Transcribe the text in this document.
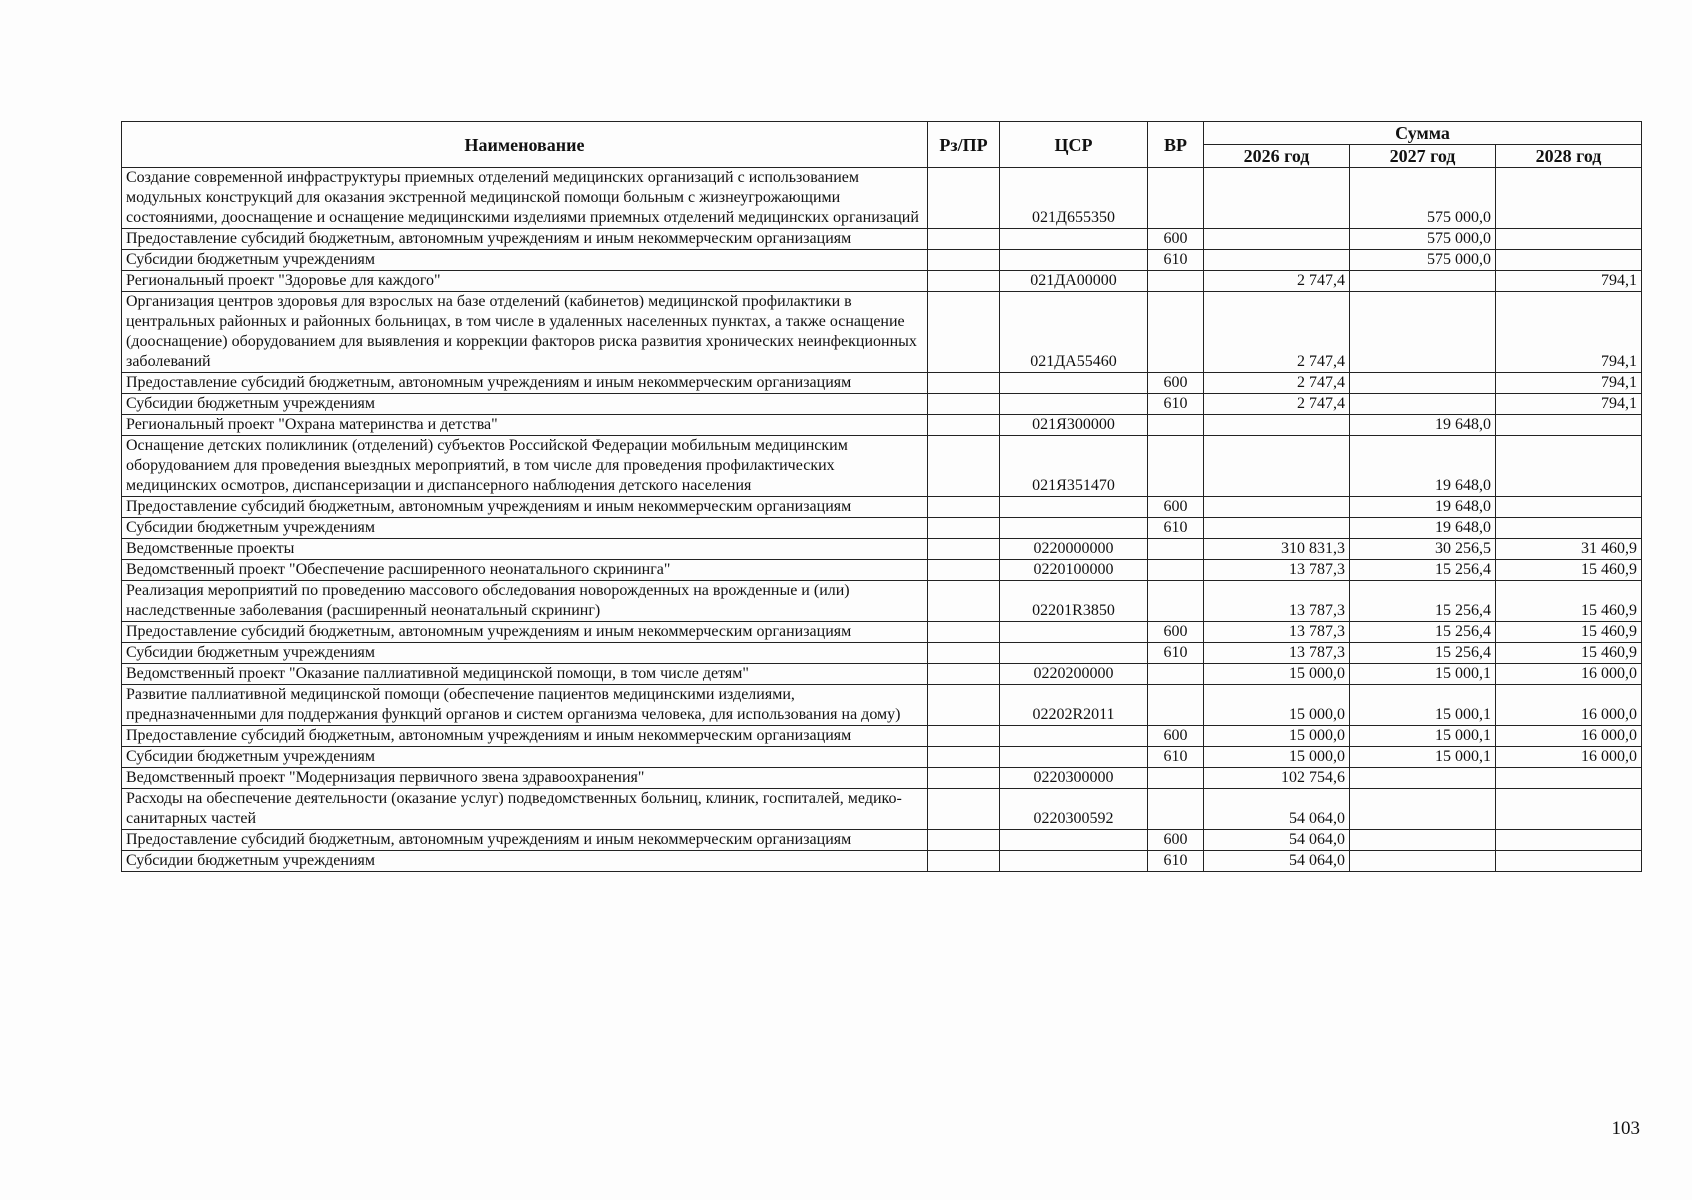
Наименование	Рз/ПР	ЦСР	ВР	Сумма		
				2026 год	2027 год	2028 год
Создание современной инфраструктуры приемных отделений медицинских организаций с использованием модульных конструкций для оказания экстренной медицинской помощи больным с жизнеугрожающими состояниями, дооснащение и оснащение медицинскими изделиями приемных отделений медицинских организаций		021Д655350			575 000,0	
Предоставление субсидий бюджетным, автономным учреждениям и иным некоммерческим организациям			600		575 000,0	
Субсидии бюджетным учреждениям			610		575 000,0	
Региональный проект "Здоровье для каждого"		021ДА00000		2 747,4		794,1
Организация центров здоровья для взрослых на базе отделений (кабинетов) медицинской профилактики в центральных районных и районных больницах, в том числе в удаленных населенных пунктах, а также оснащение (дооснащение) оборудованием для выявления и коррекции факторов риска развития хронических неинфекционных заболеваний		021ДА55460		2 747,4		794,1
Предоставление субсидий бюджетным, автономным учреждениям и иным некоммерческим организациям			600	2 747,4		794,1
Субсидии бюджетным учреждениям			610	2 747,4		794,1
Региональный проект "Охрана материнства и детства"		021Я300000			19 648,0	
Оснащение детских поликлиник (отделений) субъектов Российской Федерации мобильным медицинским оборудованием для проведения выездных мероприятий, в том числе для проведения профилактических медицинских осмотров, диспансеризации и диспансерного наблюдения детского населения		021Я351470			19 648,0	
Предоставление субсидий бюджетным, автономным учреждениям и иным некоммерческим организациям			600		19 648,0	
Субсидии бюджетным учреждениям			610		19 648,0	
Ведомственные проекты		0220000000		310 831,3	30 256,5	31 460,9
Ведомственный проект "Обеспечение расширенного неонатального скрининга"		0220100000		13 787,3	15 256,4	15 460,9
Реализация мероприятий по проведению массового обследования новорожденных на врожденные и (или) наследственные заболевания (расширенный неонатальный скрининг)		02201R3850		13 787,3	15 256,4	15 460,9
Предоставление субсидий бюджетным, автономным учреждениям и иным некоммерческим организациям			600	13 787,3	15 256,4	15 460,9
Субсидии бюджетным учреждениям			610	13 787,3	15 256,4	15 460,9
Ведомственный проект "Оказание паллиативной медицинской помощи, в том числе детям"		0220200000		15 000,0	15 000,1	16 000,0
Развитие паллиативной медицинской помощи (обеспечение пациентов медицинскими изделиями, предназначенными для поддержания функций органов и систем организма человека, для использования на дому)		02202R2011		15 000,0	15 000,1	16 000,0
Предоставление субсидий бюджетным, автономным учреждениям и иным некоммерческим организациям			600	15 000,0	15 000,1	16 000,0
Субсидии бюджетным учреждениям			610	15 000,0	15 000,1	16 000,0
Ведомственный проект "Модернизация первичного звена здравоохранения"		0220300000		102 754,6		
Расходы на обеспечение деятельности (оказание услуг) подведомственных больниц, клиник, госпиталей, медико-санитарных частей		0220300592		54 064,0		
Предоставление субсидий бюджетным, автономным учреждениям и иным некоммерческим организациям			600	54 064,0		
Субсидии бюджетным учреждениям			610	54 064,0		
103
